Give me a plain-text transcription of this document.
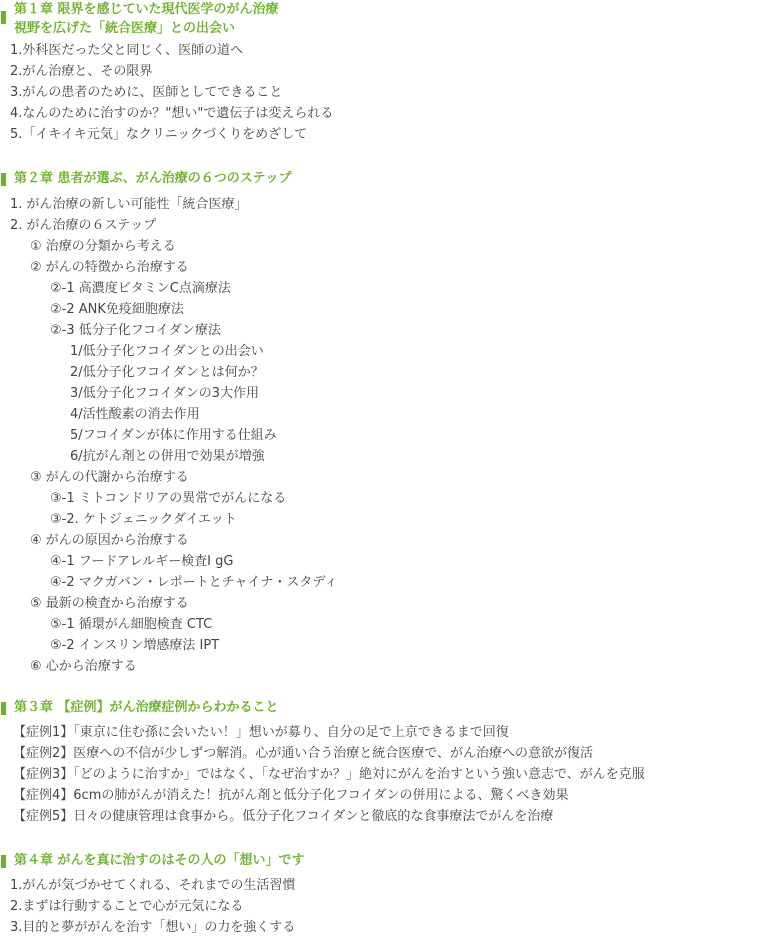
第１章 限界を感じていた現代医学のがん治療
視野を広げた「統合医療」との出会い
1.外科医だった父と同じく、医師の道へ
2.がん治療と、その限界
3.がんの患者のために、医師としてできること
4.なんのために治すのか？"想い"で遺伝子は変えられる
5.「イキイキ元気」なクリニックづくりをめざして
第２章 患者が選ぶ、がん治療の６つのステップ
1. がん治療の新しい可能性「統合医療」
2. がん治療の６ステップ
① 治療の分類から考える
② がんの特徴から治療する
②-1 高濃度ビタミンC点滴療法
②-2 ANK免疫細胞療法
②-3 低分子化フコイダン療法
1/低分子化フコイダンとの出会い
2/低分子化フコイダンとは何か？
3/低分子化フコイダンの3大作用
4/活性酸素の消去作用
5/フコイダンが体に作用する仕組み
6/抗がん剤との併用で効果が増強
③ がんの代謝から治療する
③-1 ミトコンドリアの異常でがんになる
③-2. ケトジェニックダイエット
④ がんの原因から治療する
④-1 フードアレルギー検査I gG
④-2 マクガバン・レポートとチャイナ・スタディ
⑤ 最新の検査から治療する
⑤-1 循環がん細胞検査 CTC
⑤-2 インスリン増感療法 IPT
⑥ 心から治療する
第３章 【症例】がん治療症例からわかること
【症例1】「東京に住む孫に会いたい！」想いが募り、自分の足で上京できるまで回復
【症例2】医療への不信が少しずつ解消。心が通い合う治療と統合医療で、がん治療への意欲が復活
【症例3】「どのように治すか」ではなく、「なぜ治すか？」絶対にがんを治すという強い意志で、がんを克服
【症例4】6cmの肺がんが消えた！抗がん剤と低分子化フコイダンの併用による、驚くべき効果
【症例5】日々の健康管理は食事から。低分子化フコイダンと徹底的な食事療法でがんを治療
第４章 がんを真に治すのはその人の「想い」です
1.がんが気づかせてくれる、それまでの生活習慣
2.まずは行動することで心が元気になる
3.目的と夢ががんを治す「想い」の力を強くする
